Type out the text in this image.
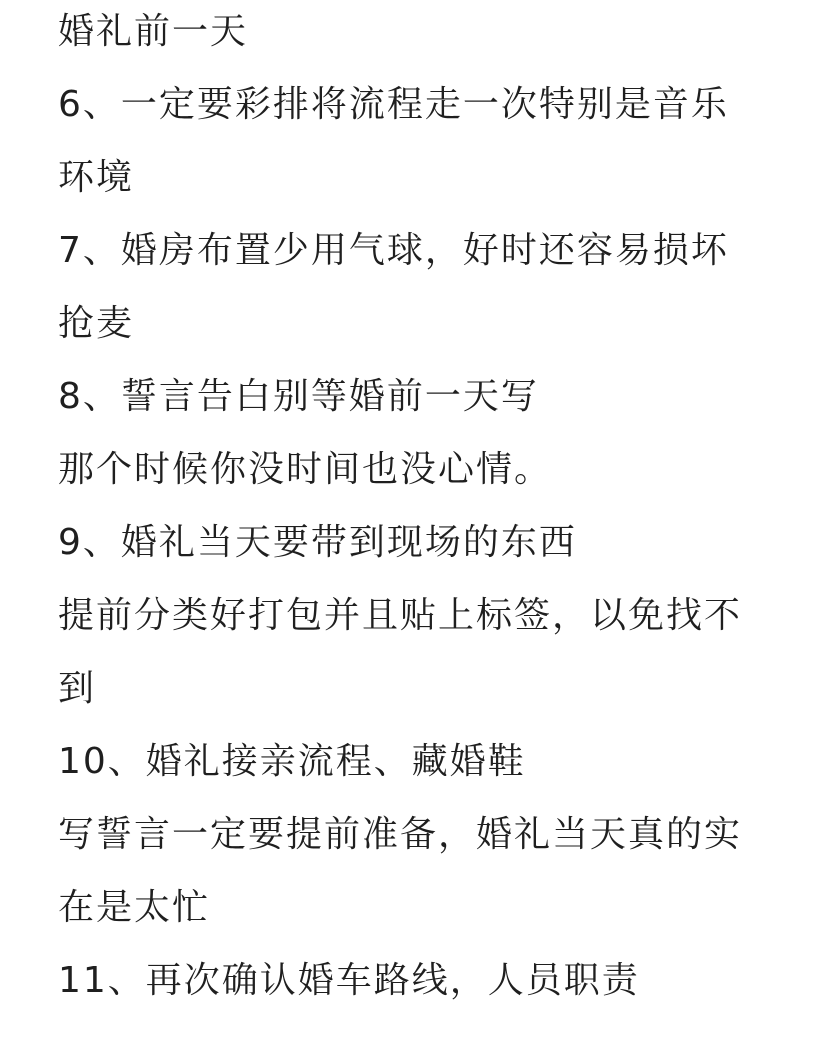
婚礼前一天
6、一定要彩排将流程走一次特别是音乐
环境
7、婚房布置少用气球，好时还容易损坏
抢麦
8、誓言告白别等婚前一天写
那个时候你没时间也没心情。
9、婚礼当天要带到现场的东西
提前分类好打包并且贴上标签，以免找不
到
10、婚礼接亲流程、藏婚鞋
写誓言一定要提前准备，婚礼当天真的实
在是太忙
11、再次确认婚车路线，人员职责
